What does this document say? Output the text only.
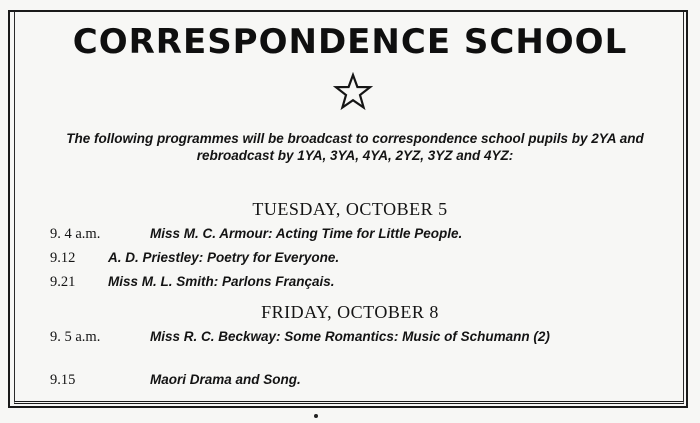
CORRESPONDENCE SCHOOL
The following programmes will be broadcast to correspondence school pupils by 2YA and rebroadcast by 1YA, 3YA, 4YA, 2YZ, 3YZ and 4YZ:
TUESDAY, OCTOBER 5
9. 4 a.m.	Miss M. C. Armour: Acting Time for Little People.
9.12 A. D. Priestley: Poetry for Everyone.
9.21 Miss M. L. Smith: Parlons Français.
FRIDAY, OCTOBER 8
9. 5 a.m.	Miss R. C. Beckway: Some Romantics: Music of Schumann (2)
9.15	Maori Drama and Song.
